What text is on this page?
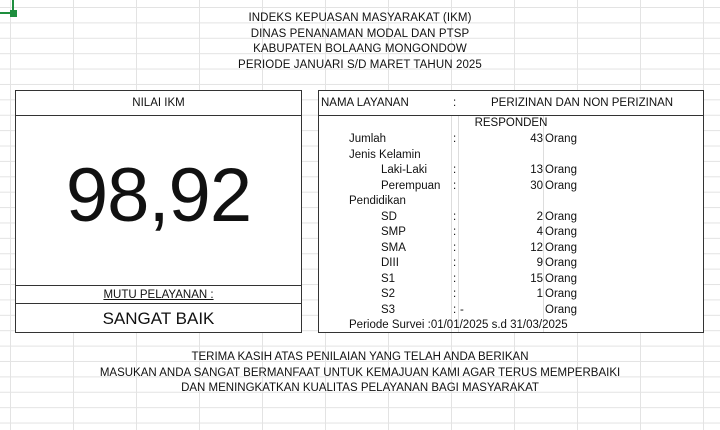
INDEKS KEPUASAN MASYARAKAT (IKM)
DINAS PENANAMAN MODAL DAN PTSP
KABUPATEN BOLAANG MONGONDOW
PERIODE JANUARI S/D MARET TAHUN 2025
NILAI IKM
98,92
MUTU PELAYANAN :
SANGAT BAIK
NAMA LAYANAN	:	PERIZINAN DAN NON PERIZINAN
RESPONDEN
Jumlah	:	43 Orang
Jenis Kelamin
Laki-Laki :	13 Orang
Perempuan :	30 Orang
Pendidikan
SD	:	2 Orang
SMP	:	4 Orang
SMA	:	12 Orang
DIII	:	9 Orang
S1	:	15 Orang
S2	:	1 Orang
S3	: -	Orang
Periode Survei :01/01/2025 s.d 31/03/2025
TERIMA KASIH ATAS PENILAIAN YANG TELAH ANDA BERIKAN
MASUKAN ANDA SANGAT BERMANFAAT UNTUK KEMAJUAN KAMI AGAR TERUS MEMPERBAIKI
DAN MENINGKATKAN KUALITAS PELAYANAN BAGI MASYARAKAT
